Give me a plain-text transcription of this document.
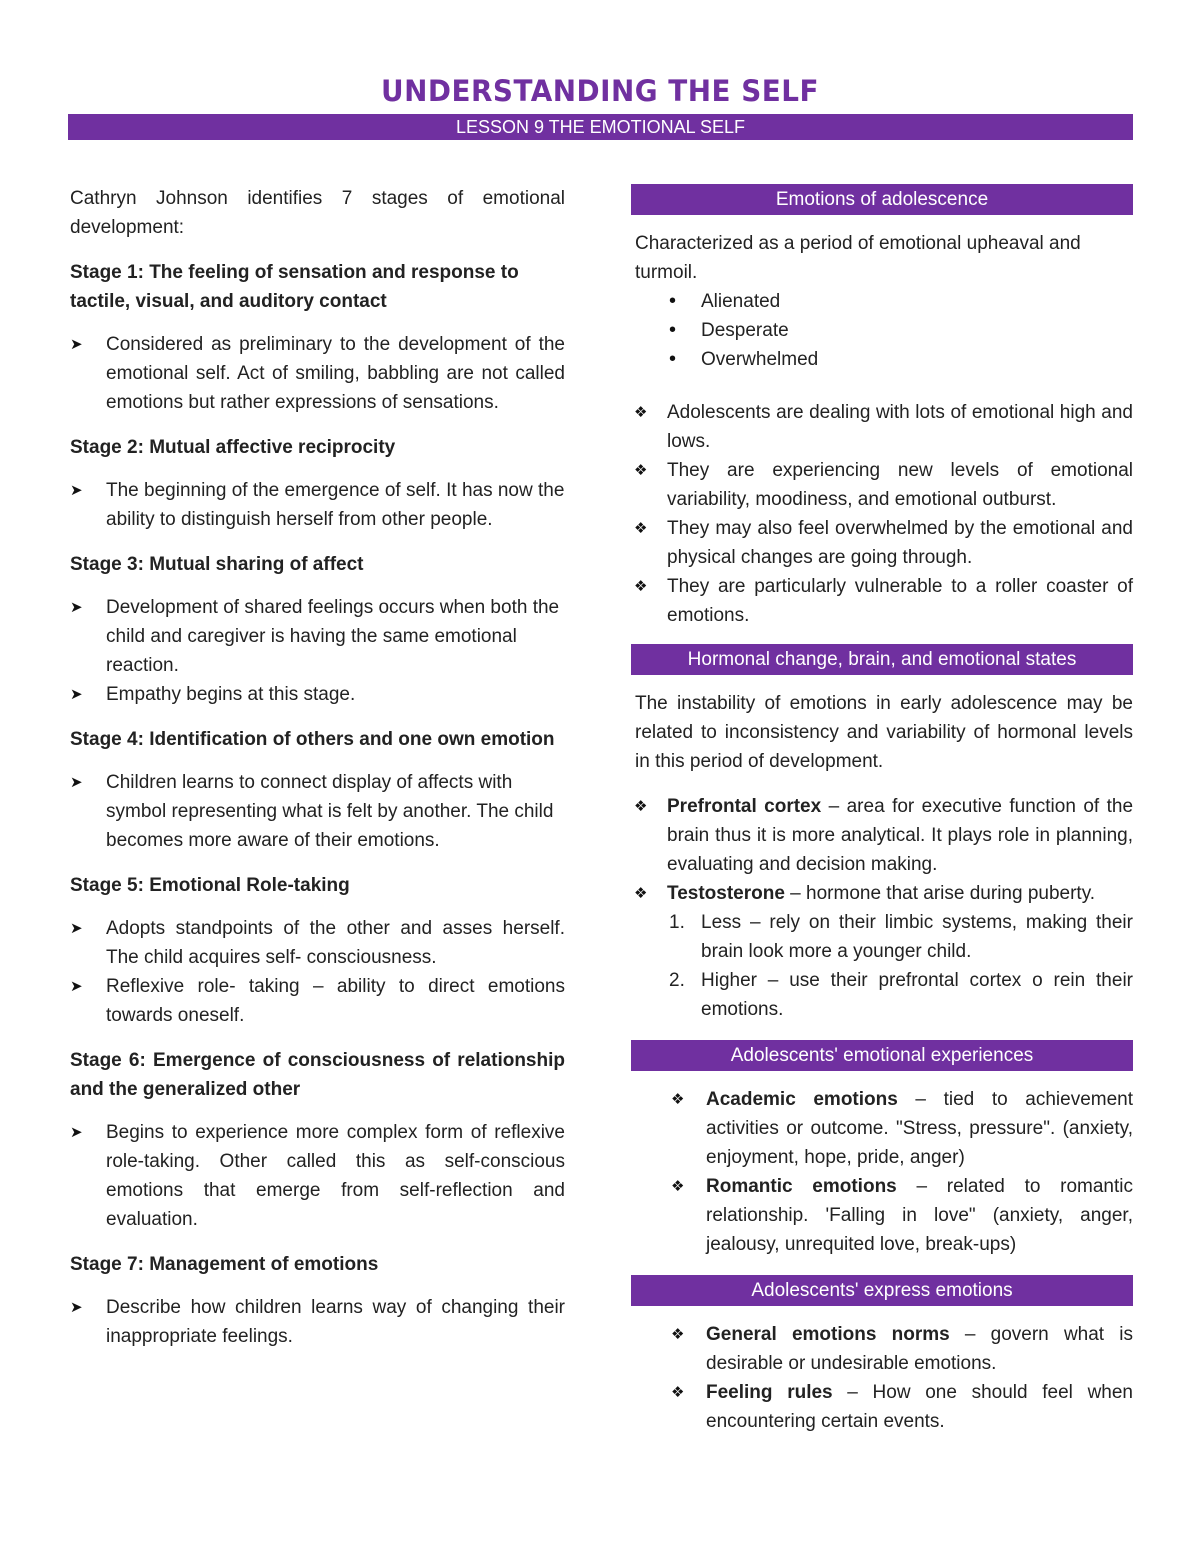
UNDERSTANDING THE SELF
LESSON 9 THE EMOTIONAL SELF

Cathryn Johnson identifies 7 stages of emotional development:

Stage 1: The feeling of sensation and response to tactile, visual, and auditory contact

➤ Considered as preliminary to the development of the emotional self. Act of smiling, babbling are not called emotions but rather expressions of sensations.

Stage 2: Mutual affective reciprocity

➤ The beginning of the emergence of self. It has now the ability to distinguish herself from other people.

Stage 3: Mutual sharing of affect

➤ Development of shared feelings occurs when both the child and caregiver is having the same emotional reaction.

➤ Empathy begins at this stage.

Stage 4: Identification of others and one own emotion

➤ Children learns to connect display of affects with symbol representing what is felt by another. The child becomes more aware of their emotions.

Stage 5: Emotional Role-taking

➤ Adopts standpoints of the other and asses herself. The child acquires self- consciousness.

➤ Reflexive role- taking – ability to direct emotions towards oneself.

Stage 6: Emergence of consciousness of relationship and the generalized other

➤ Begins to experience more complex form of reflexive role-taking. Other called this as self-conscious emotions that emerge from self-reflection and evaluation.

Stage 7: Management of emotions

➤ Describe how children learns way of changing their inappropriate feelings.

Emotions of adolescence

Characterized as a period of emotional upheaval and turmoil.

• Alienated

• Desperate

• Overwhelmed

❖ Adolescents are dealing with lots of emotional high and lows.

❖ They are experiencing new levels of emotional variability, moodiness, and emotional outburst.

❖ They may also feel overwhelmed by the emotional and physical changes are going through.

❖ They are particularly vulnerable to a roller coaster of emotions.

Hormonal change, brain, and emotional states

The instability of emotions in early adolescence may be related to inconsistency and variability of hormonal levels in this period of development.

❖ Prefrontal cortex – area for executive function of the brain thus it is more analytical. It plays role in planning, evaluating and decision making.

❖ Testosterone – hormone that arise during puberty.

1. Less – rely on their limbic systems, making their brain look more a younger child.

2. Higher – use their prefrontal cortex o rein their emotions.

Adolescents' emotional experiences

❖ Academic emotions – tied to achievement activities or outcome. "Stress, pressure". (anxiety, enjoyment, hope, pride, anger)

❖ Romantic emotions – related to romantic relationship. 'Falling in love" (anxiety, anger, jealousy, unrequited love, break-ups)

Adolescents' express emotions

❖ General emotions norms – govern what is desirable or undesirable emotions.

❖ Feeling rules – How one should feel when encountering certain events.
